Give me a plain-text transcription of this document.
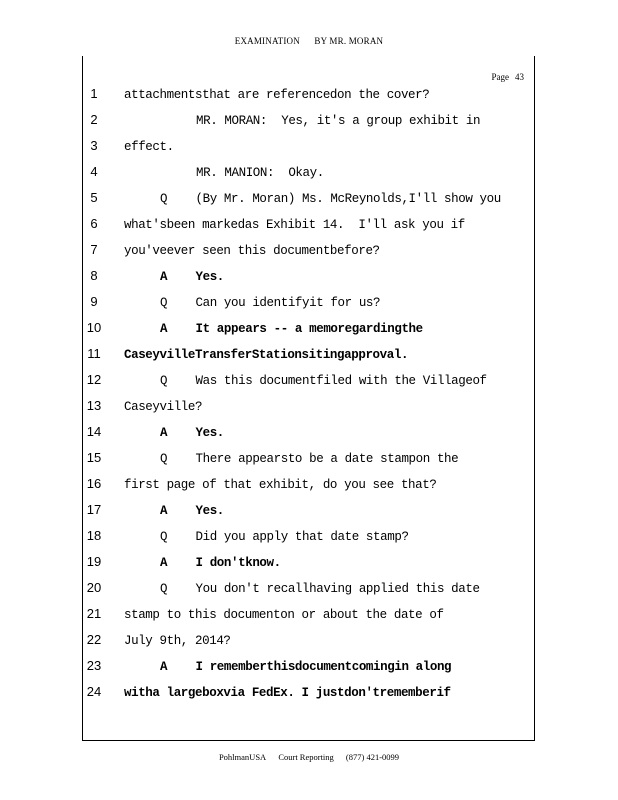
EXAMINATION BY MR. MORAN
Page 43
1	attachmentsthat are referencedon the cover?
2	MR. MORAN:  Yes, it's a group exhibit in
3	effect.
4	MR. MANION:  Okay.
5	Q    (By Mr. Moran) Ms. McReynolds,I'll show you
6	what'sbeen markedas Exhibit 14.  I'll ask you if
7	you'veever seen this documentbefore?
8	A    Yes.
9	Q    Can you identifyit for us?
10	A    It appears -- a memoregardingthe
11	CaseyvilleTransferStationsitingapproval.
12	Q    Was this documentfiled with the Villageof
13	Caseyville?
14	A    Yes.
15	Q    There appearsto be a date stampon the
16	first page of that exhibit, do you see that?
17	A    Yes.
18	Q    Did you apply that date stamp?
19	A    I don'tknow.
20	Q    You don't recallhaving applied this date
21	stamp to this documenton or about the date of
22	July 9th, 2014?
23	A    I rememberthisdocumentcomingin along
24	witha largeboxvia FedEx. I justdon'trememberif
PohlmanUSA Court Reporting (877) 421-0099
